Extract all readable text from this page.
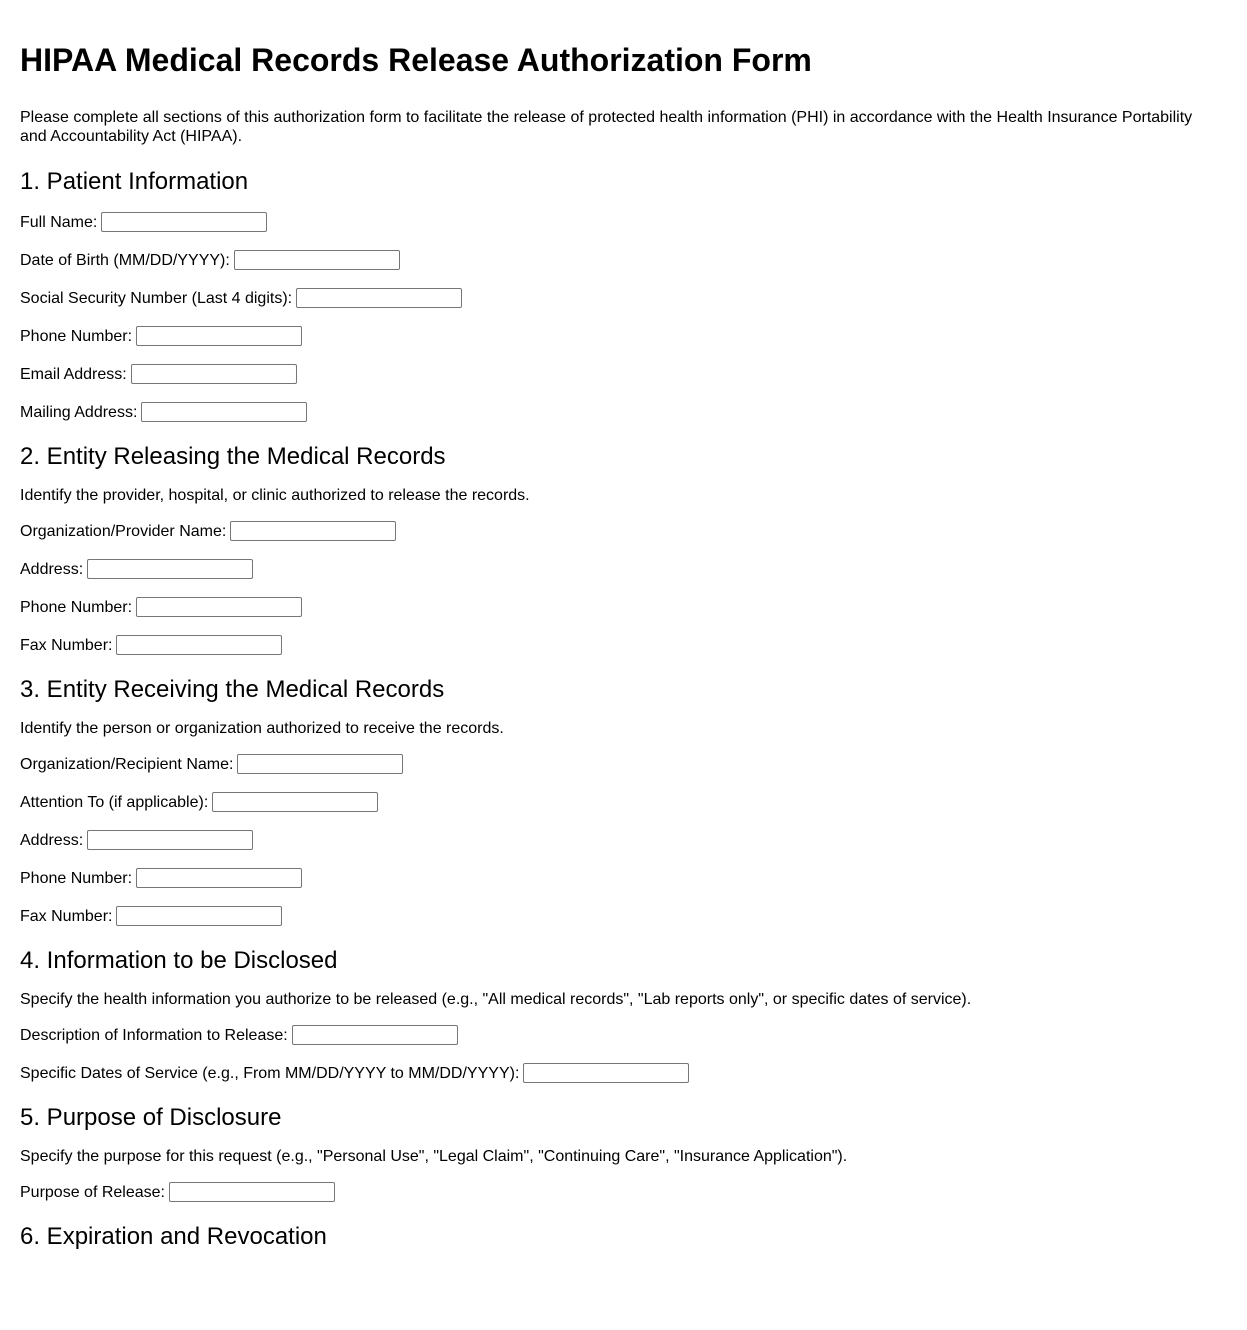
HIPAA Medical Records Release Authorization Form

Please complete all sections of this authorization form to facilitate the release of protected health information (PHI) in accordance with the Health Insurance Portability and Accountability Act (HIPAA).

1. Patient Information
Full Name:
Date of Birth (MM/DD/YYYY):
Social Security Number (Last 4 digits):
Phone Number:
Email Address:
Mailing Address:
2. Entity Releasing the Medical Records

Identify the provider, hospital, or clinic authorized to release the records.

Organization/Provider Name:
Address:
Phone Number:
Fax Number:
3. Entity Receiving the Medical Records

Identify the person or organization authorized to receive the records.

Organization/Recipient Name:
Attention To (if applicable):
Address:
Phone Number:
Fax Number:
4. Information to be Disclosed

Specify the health information you authorize to be released (e.g., "All medical records", "Lab reports only", or specific dates of service).

Description of Information to Release:
Specific Dates of Service (e.g., From MM/DD/YYYY to MM/DD/YYYY):
5. Purpose of Disclosure

Specify the purpose for this request (e.g., "Personal Use", "Legal Claim", "Continuing Care", "Insurance Application").

Purpose of Release:
6. Expiration and Revocation
